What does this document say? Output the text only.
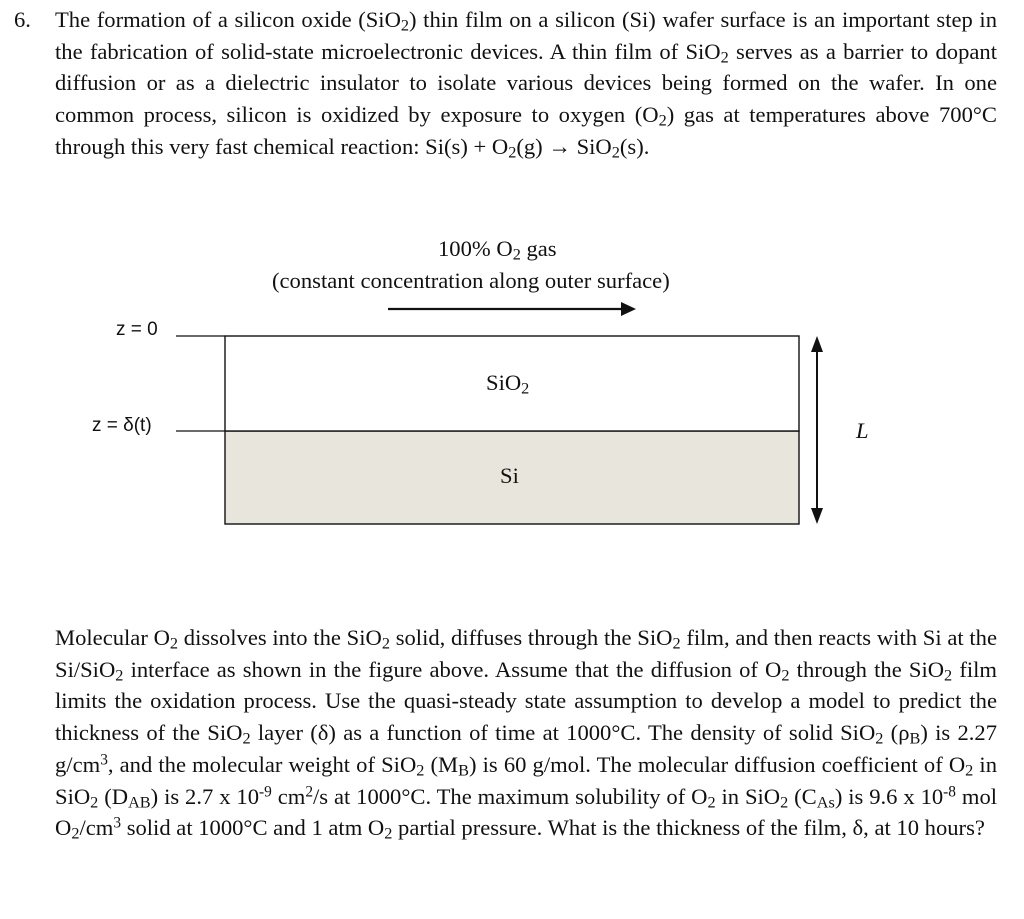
6. The formation of a silicon oxide (SiO$_2$) thin film on a silicon (Si) wafer surface is an important step in the fabrication of solid-state microelectronic devices. A thin film of SiO$_2$ serves as a barrier to dopant diffusion or as a dielectric insulator to isolate various devices being formed on the wafer. In one common process, silicon is oxidized by exposure to oxygen $(O_2)$ gas at temperatures above 700°C through this very fast chemical reaction: $Si(s) + O_2(g) \to SiO_2(s)$.

100% $O_2$ gas
(constant concentration along outer surface)
z = 0
z = δ(t)
SiO$_2$
Si
L

Molecular $O_2$ dissolves into the SiO$_2$ solid, diffuses through the SiO$_2$ film, and then reacts with Si at the Si/SiO$_2$ interface as shown in the figure above. Assume that the diffusion of $O_2$ through the SiO$_2$ film limits the oxidation process. Use the quasi-steady state assumption to develop a model to predict the thickness of the SiO$_2$ layer (δ) as a function of time at 1000°C. The density of solid SiO$_2$ $(\rho_B)$ is 2.27 $g/cm^3$, and the molecular weight of SiO$_2$ $(M_B)$ is 60 g/mol. The molecular diffusion coefficient of $O_2$ in SiO$_2$ $(D_{AB})$ is 2.7 x $10^{-9}$ $cm^2/s$ at 1000°C. The maximum solubility of $O_2$ in SiO$_2$ $(C_{As})$ is 9.6 x $10^{-8}$ mol $O_2/cm^3$ solid at 1000°C and 1 atm $O_2$ partial pressure. What is the thickness of the film, δ, at 10 hours?
